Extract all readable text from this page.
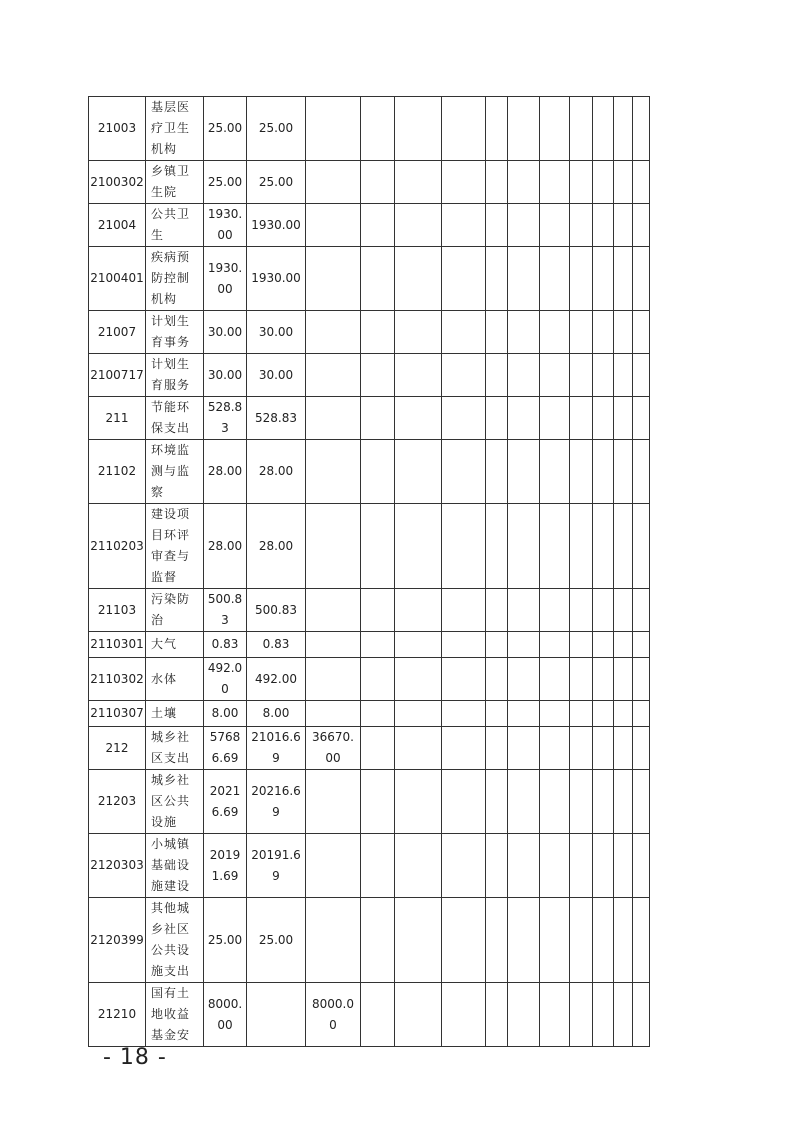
21003	基层医疗卫生机构	25.00	25.00											
2100302	乡镇卫生院	25.00	25.00											
21004	公共卫生	1930.00	1930.00											
2100401	疾病预防控制机构	1930.00	1930.00											
21007	计划生育事务	30.00	30.00											
2100717	计划生育服务	30.00	30.00											
211	节能环保支出	528.83	528.83											
21102	环境监测与监察	28.00	28.00											
2110203	建设项目环评审查与监督	28.00	28.00											
21103	污染防治	500.83	500.83											
2110301	大气	0.83	0.83											
2110302	水体	492.00	492.00											
2110307	土壤	8.00	8.00											
212	城乡社区支出	57686.69	21016.69	36670.00										
21203	城乡社区公共设施	20216.69	20216.69											
2120303	小城镇基础设施建设	20191.69	20191.69											
2120399	其他城乡社区公共设施支出	25.00	25.00											
21210	国有土地收益基金安	8000.00		8000.00										
- 18 -
